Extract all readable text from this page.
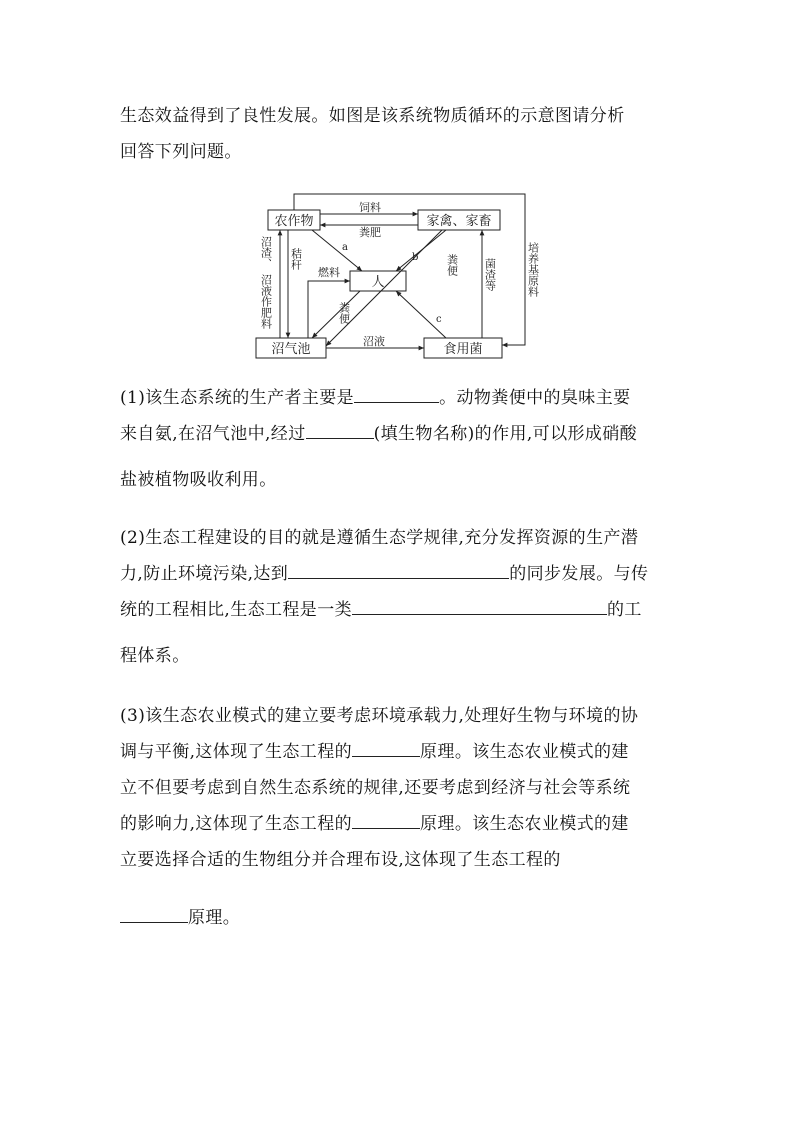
生态效益得到了良性发展。如图是该系统物质循环的示意图请分析
回答下列问题。

农作物	家禽、家畜
人
沼气池	食用菌
饲料
粪肥
a
b
c
燃料
沼液
沼渣、
沼液作肥料
秸秆	粪便
粪便
菌渣等	培养基原料

(1)该生态系统的生产者主要是	。动物粪便中的臭味主要
来自氨,在沼气池中,经过	(填生物名称)的作用,可以形成硝酸
盐被植物吸收利用。

(2)生态工程建设的目的就是遵循生态学规律,充分发挥资源的生产潜
力,防止环境污染,达到	的同步发展。与传
统的工程相比,生态工程是一类	的工
程体系。

(3)该生态农业模式的建立要考虑环境承载力,处理好生物与环境的协
调与平衡,这体现了生态工程的	原理。该生态农业模式的建
立不但要考虑到自然生态系统的规律,还要考虑到经济与社会等系统
的影响力,这体现了生态工程的	原理。该生态农业模式的建
立要选择合适的生物组分并合理布设,这体现了生态工程的
原理。
